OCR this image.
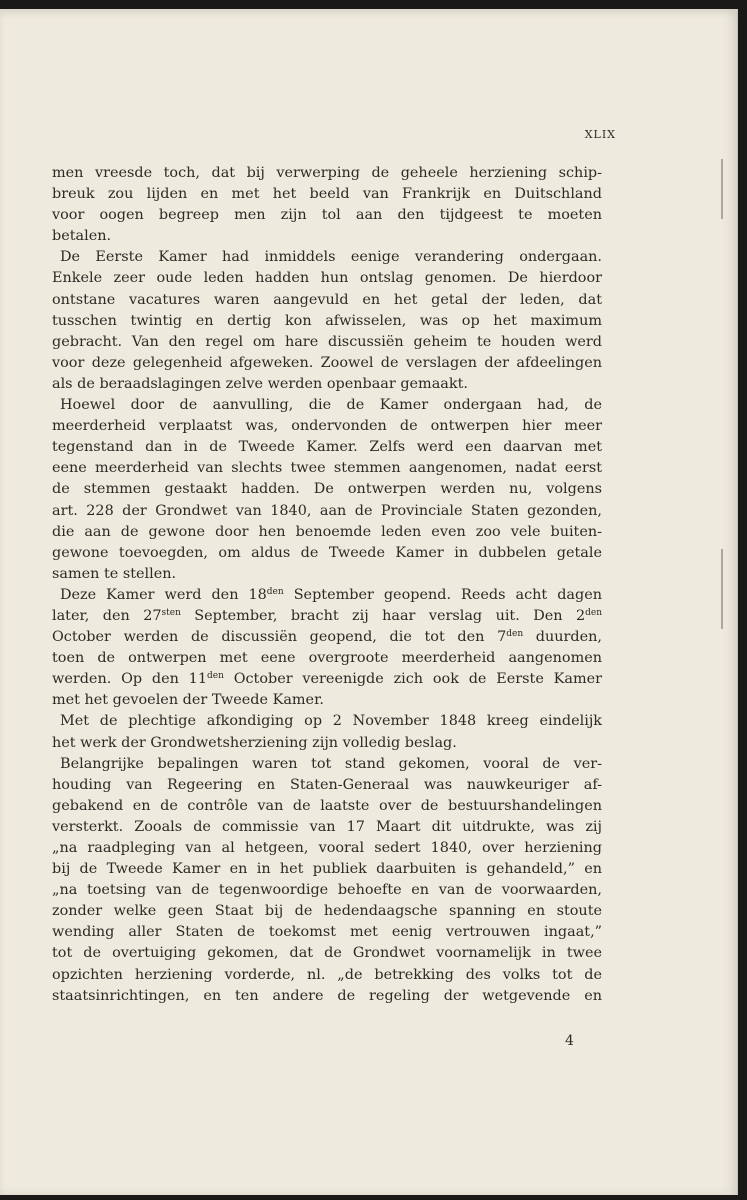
XLIX

men vreesde toch, dat bij verwerping de geheele herziening schip-

breuk zou lijden en met het beeld van Frankrijk en Duitschland

voor oogen begreep men zijn tol aan den tijdgeest te moeten

betalen.

De Eerste Kamer had inmiddels eenige verandering ondergaan.

Enkele zeer oude leden hadden hun ontslag genomen. De hierdoor

ontstane vacatures waren aangevuld en het getal der leden, dat

tusschen twintig en dertig kon afwisselen, was op het maximum

gebracht. Van den regel om hare discussiën geheim te houden werd

voor deze gelegenheid afgeweken. Zoowel de verslagen der afdeelingen

als de beraadslagingen zelve werden openbaar gemaakt.

Hoewel door de aanvulling, die de Kamer ondergaan had, de

meerderheid verplaatst was, ondervonden de ontwerpen hier meer

tegenstand dan in de Tweede Kamer. Zelfs werd een daarvan met

eene meerderheid van slechts twee stemmen aangenomen, nadat eerst

de stemmen gestaakt hadden. De ontwerpen werden nu, volgens

art. 228 der Grondwet van 1840, aan de Provinciale Staten gezonden,

die aan de gewone door hen benoemde leden even zoo vele buiten-

gewone toevoegden, om aldus de Tweede Kamer in dubbelen getale

samen te stellen.

Deze Kamer werd den $18^{den}$ September geopend. Reeds acht dagen

later, den $27^{sten}$ September, bracht zij haar verslag uit. Den $2^{den}$

October werden de discussiën geopend, die tot den $7^{den}$ duurden,

toen de ontwerpen met eene overgroote meerderheid aangenomen

werden. Op den $11^{den}$ October vereenigde zich ook de Eerste Kamer

met het gevoelen der Tweede Kamer.

Met de plechtige afkondiging op 2 November 1848 kreeg eindelijk

het werk der Grondwetsherziening zijn volledig beslag.

Belangrijke bepalingen waren tot stand gekomen, vooral de ver-

houding van Regeering en Staten-Generaal was nauwkeuriger af-

gebakend en de contrôle van de laatste over de bestuurshandelingen

versterkt. Zooals de commissie van 17 Maart dit uitdrukte, was zij

„na raadpleging van al hetgeen, vooral sedert 1840, over herziening

bij de Tweede Kamer en in het publiek daarbuiten is gehandeld,” en

„na toetsing van de tegenwoordige behoefte en van de voorwaarden,

zonder welke geen Staat bij de hedendaagsche spanning en stoute

wending aller Staten de toekomst met eenig vertrouwen ingaat,”

tot de overtuiging gekomen, dat de Grondwet voornamelijk in twee

opzichten herziening vorderde, nl. „de betrekking des volks tot de

staatsinrichtingen, en ten andere de regeling der wetgevende en

4
